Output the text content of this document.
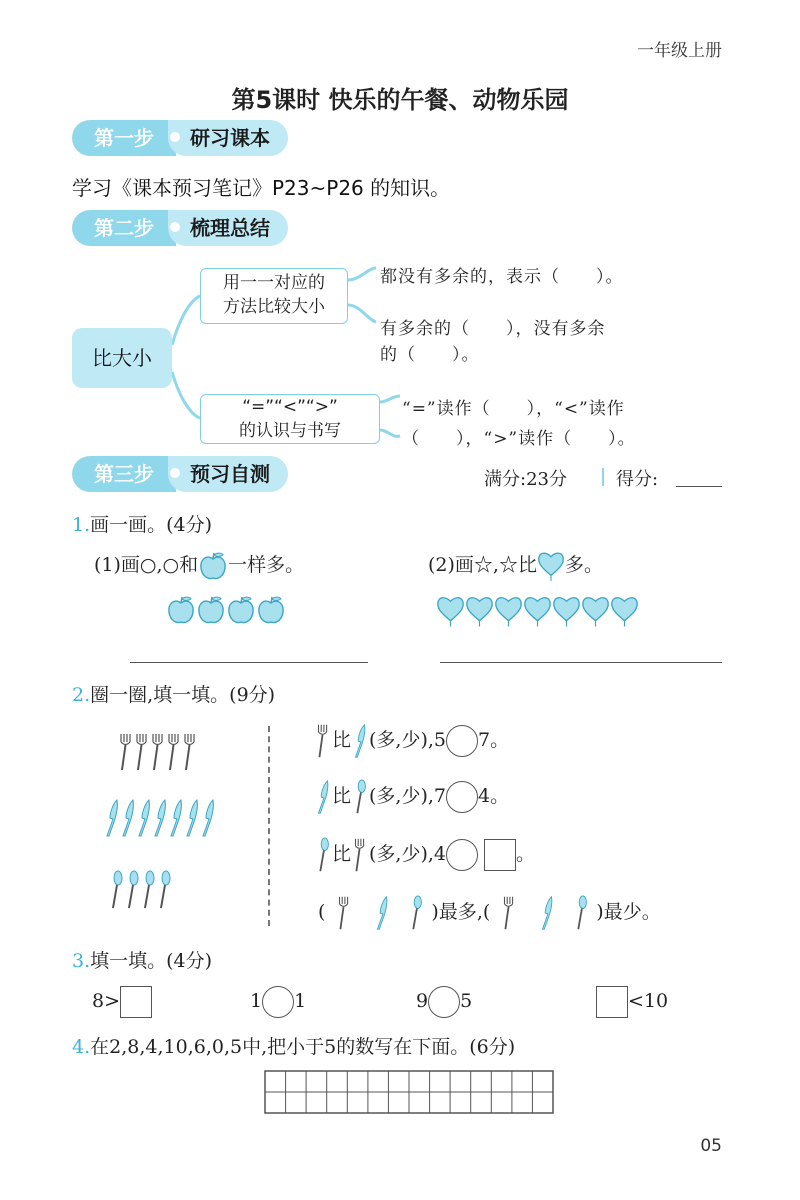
一年级上册
第5课时 快乐的午餐、动物乐园
第一步	研习课本
学习《课本预习笔记》P23~P26 的知识。
第二步	梳理总结
比大小
用一一对应的
方法比较大小
都没有多余的，表示（　　）。
有多余的（　　），没有多余
的（　　）。
“=”“<”“>”
的认识与书写
“=”读作（　　），“<”读作
（　　），“>”读作（　　）。
第三步	预习自测	满分:23分	得分:
1.画一画。(4分)
(1)画○,○和 一样多。	(2)画☆,☆比 多。
2.圈一圈,填一填。(9分)
比 (多,少),5 7。
比 (多,少),7 4。
比 (多,少),4	。
(	)最多,(	)最少。
3.填一填。(4分)
8>	1 1	9 5	<10
4.在2,8,4,10,6,0,5中,把小于5的数写在下面。(6分)
05
